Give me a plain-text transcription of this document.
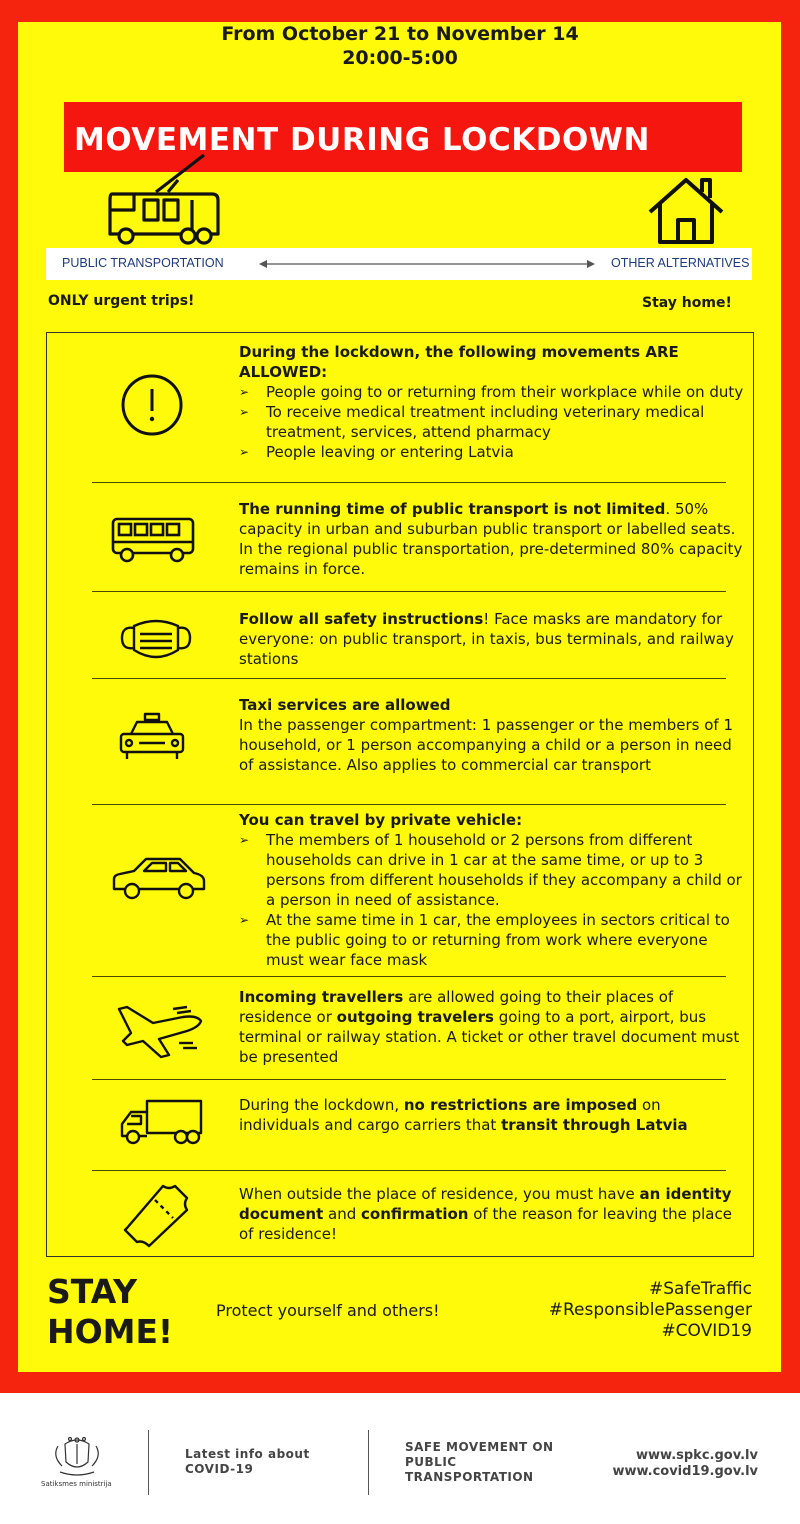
From October 21 to November 14
20:00-5:00
MOVEMENT DURING LOCKDOWN
PUBLIC TRANSPORTATION	OTHER ALTERNATIVES
ONLY urgent trips!	Stay home!
During the lockdown, the following movements ARE ALLOWED:
➢ People going to or returning from their workplace while on duty
➢ To receive medical treatment including veterinary medical treatment, services, attend pharmacy
➢ People leaving or entering Latvia
The running time of public transport is not limited. 50% capacity in urban and suburban public transport or labelled seats. In the regional public transportation, pre-determined 80% capacity remains in force.
Follow all safety instructions! Face masks are mandatory for everyone: on public transport, in taxis, bus terminals, and railway stations
Taxi services are allowed
In the passenger compartment: 1 passenger or the members of 1 household, or 1 person accompanying a child or a person in need of assistance. Also applies to commercial car transport
You can travel by private vehicle:
➢ The members of 1 household or 2 persons from different households can drive in 1 car at the same time, or up to 3 persons from different households if they accompany a child or a person in need of assistance.
➢ At the same time in 1 car, the employees in sectors critical to the public going to or returning from work where everyone must wear face mask
Incoming travellers are allowed going to their places of residence or outgoing travelers going to a port, airport, bus terminal or railway station. A ticket or other travel document must be presented
During the lockdown, no restrictions are imposed on individuals and cargo carriers that transit through Latvia
When outside the place of residence, you must have an identity document and confirmation of the reason for leaving the place of residence!
STAY
HOME!
Protect yourself and others!
#SafeTraffic
#ResponsiblePassenger
#COVID19
Satiksmes ministrija
Latest info about
COVID-19
SAFE MOVEMENT ON
PUBLIC
TRANSPORTATION
www.spkc.gov.lv
www.covid19.gov.lv
